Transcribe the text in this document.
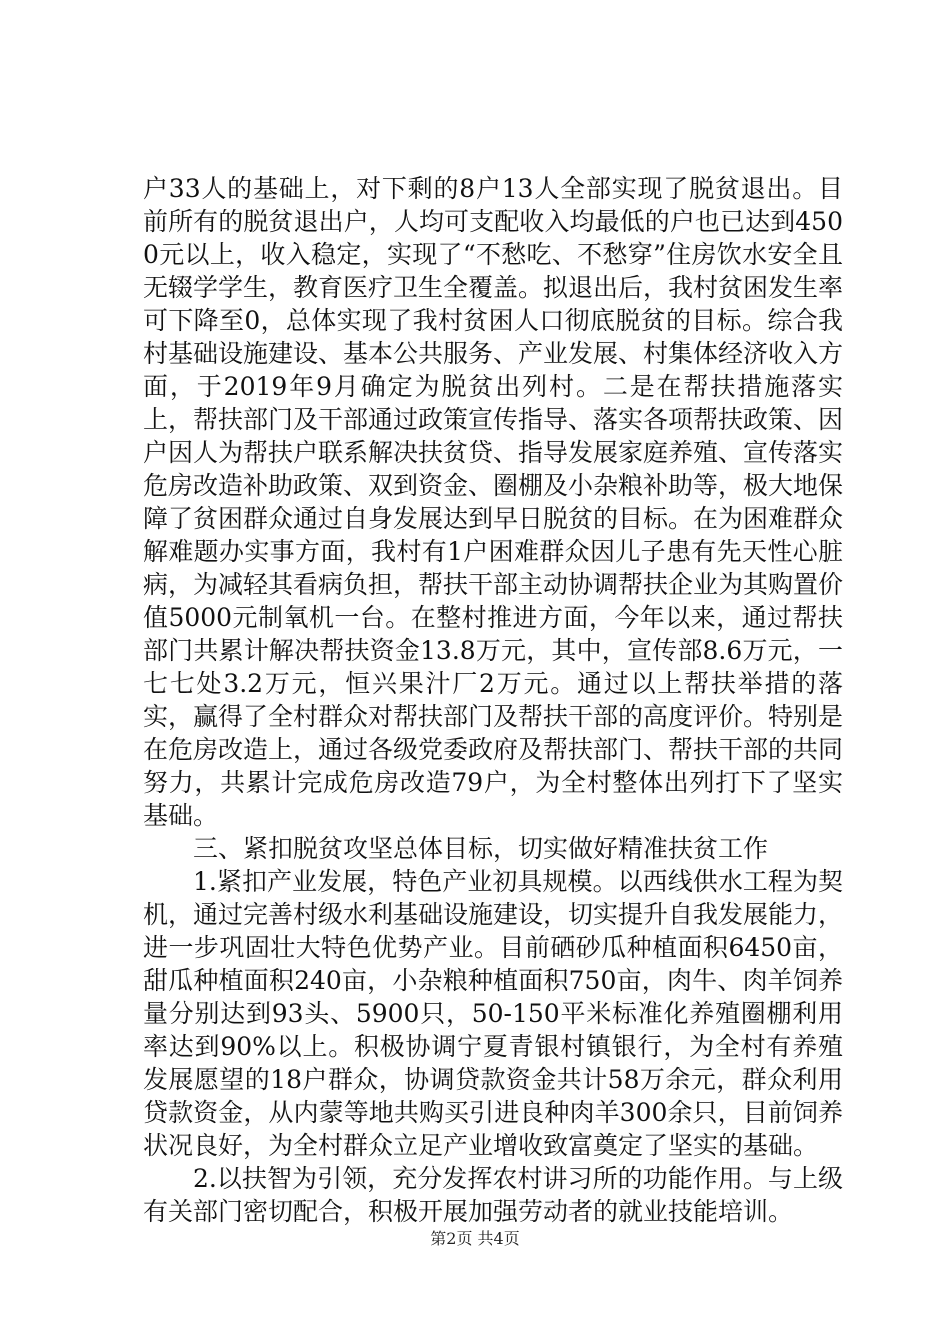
户33人的基础上，对下剩的8户13人全部实现了脱贫退出。目前所有的脱贫退出户，人均可支配收入均最低的户也已达到4500元以上，收入稳定，实现了“不愁吃、不愁穿”住房饮水安全且无辍学学生，教育医疗卫生全覆盖。拟退出后，我村贫困发生率可下降至0，总体实现了我村贫困人口彻底脱贫的目标。综合我村基础设施建设、基本公共服务、产业发展、村集体经济收入方面，于2019年9月确定为脱贫出列村。二是在帮扶措施落实上，帮扶部门及干部通过政策宣传指导、落实各项帮扶政策、因户因人为帮扶户联系解决扶贫贷、指导发展家庭养殖、宣传落实危房改造补助政策、双到资金、圈棚及小杂粮补助等，极大地保障了贫困群众通过自身发展达到早日脱贫的目标。在为困难群众解难题办实事方面，我村有1户困难群众因儿子患有先天性心脏病，为减轻其看病负担，帮扶干部主动协调帮扶企业为其购置价值5000元制氧机一台。在整村推进方面，今年以来，通过帮扶部门共累计解决帮扶资金13.8万元，其中，宣传部8.6万元，一七七处3.2万元，恒兴果汁厂2万元。通过以上帮扶举措的落实，赢得了全村群众对帮扶部门及帮扶干部的高度评价。特别是在危房改造上，通过各级党委政府及帮扶部门、帮扶干部的共同努力，共累计完成危房改造79户，为全村整体出列打下了坚实基础。

三、紧扣脱贫攻坚总体目标，切实做好精准扶贫工作

1.紧扣产业发展，特色产业初具规模。以西线供水工程为契机，通过完善村级水利基础设施建设，切实提升自我发展能力，进一步巩固壮大特色优势产业。目前硒砂瓜种植面积6450亩，甜瓜种植面积240亩，小杂粮种植面积750亩，肉牛、肉羊饲养量分别达到93头、5900只，50-150平米标准化养殖圈棚利用率达到90%以上。积极协调宁夏青银村镇银行，为全村有养殖发展愿望的18户群众，协调贷款资金共计58万余元，群众利用贷款资金，从内蒙等地共购买引进良种肉羊300余只，目前饲养状况良好，为全村群众立足产业增收致富奠定了坚实的基础。

2.以扶智为引领，充分发挥农村讲习所的功能作用。与上级有关部门密切配合，积极开展加强劳动者的就业技能培训。

第2页 共4页
